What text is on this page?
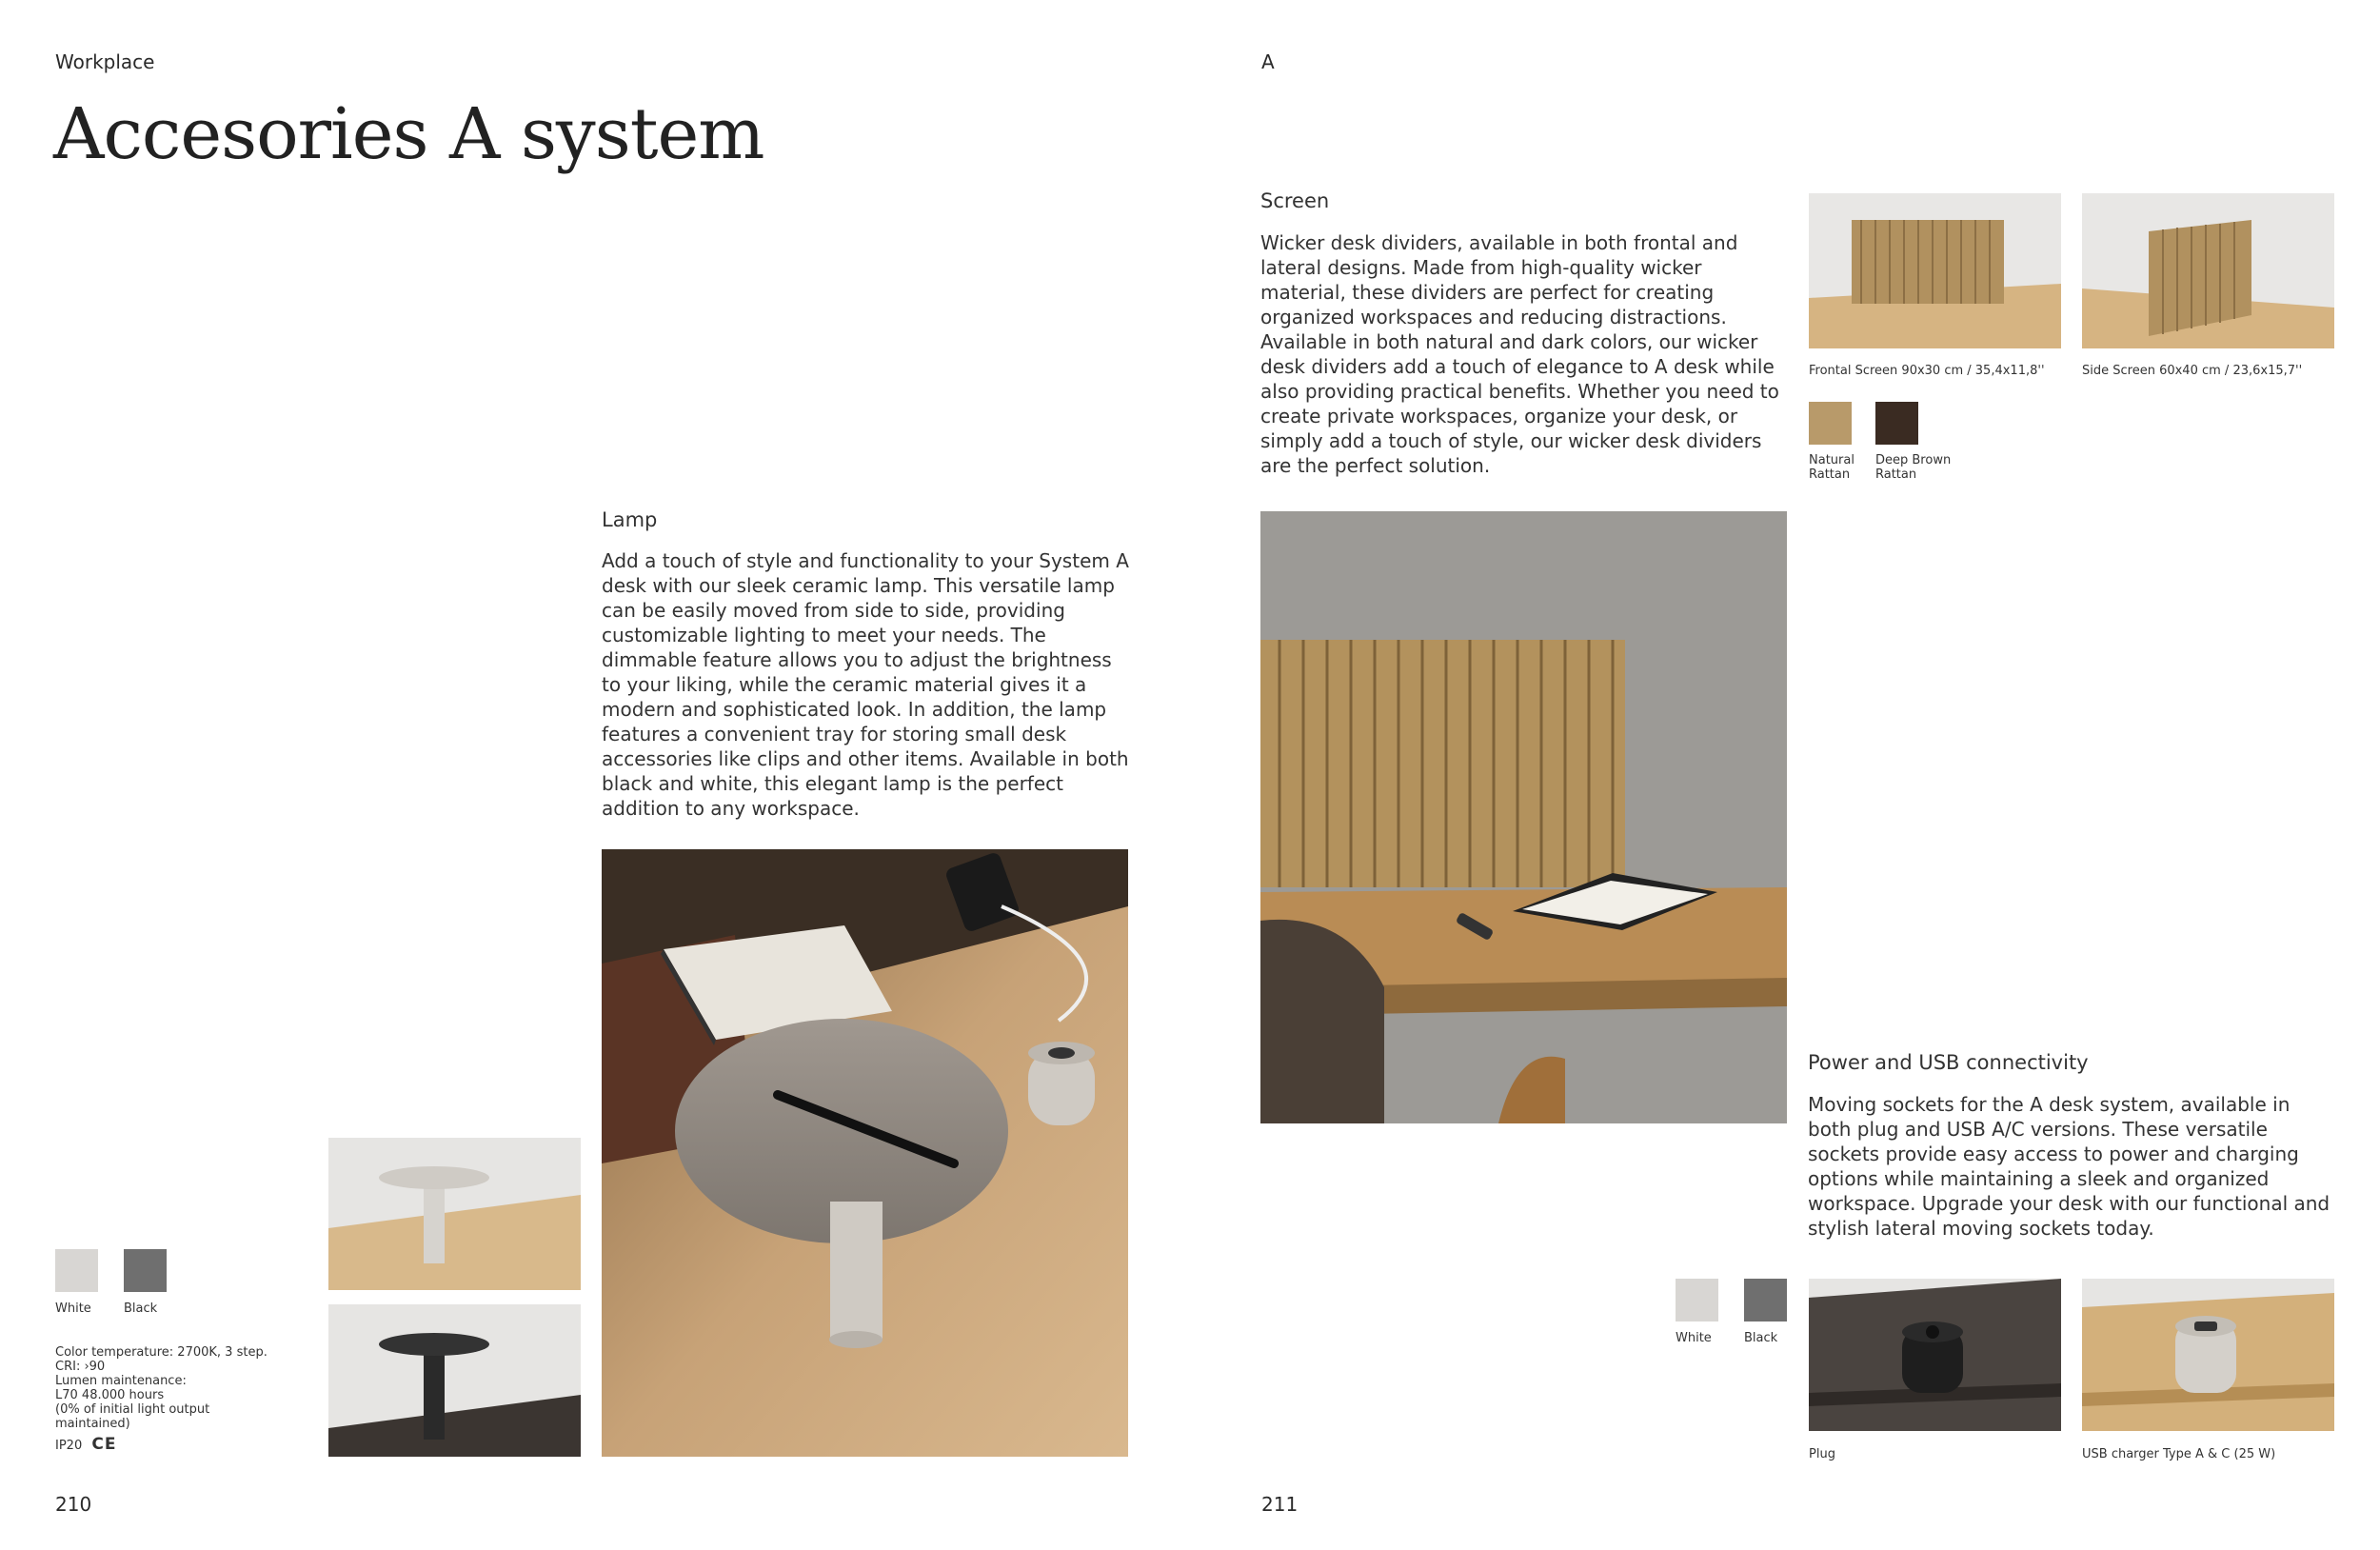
Workplace
Accesories A system
Lamp
Add a touch of style and functionality to your System A desk with our sleek ceramic lamp. This versatile lamp can be easily moved from side to side, providing customizable lighting to meet your needs. The dimmable feature allows you to adjust the brightness to your liking, while the ceramic material gives it a modern and sophisticated look. In addition, the lamp features a convenient tray for storing small desk accessories like clips and other items. Available in both black and white, this elegant lamp is the perfect addition to any workspace.
White	Black
Color temperature: 2700K, 3 step.
CRI: ›90
Lumen maintenance:
L70 48.000 hours
(0% of initial light output
maintained)
IP20 CE
210
A
Screen
Wicker desk dividers, available in both frontal and lateral designs. Made from high-quality wicker material, these dividers are perfect for creating organized workspaces and reducing distractions. Available in both natural and dark colors, our wicker desk dividers add a touch of elegance to A desk while also providing practical benefits. Whether you need to create private workspaces, organize your desk, or simply add a touch of style, our wicker desk dividers are the perfect solution.
Frontal Screen 90x30 cm / 35,4x11,8''	Side Screen 60x40 cm / 23,6x15,7''
Natural
Rattan
Deep Brown
Rattan
Power and USB connectivity
Moving sockets for the A desk system, available in both plug and USB A/C versions. These versatile sockets provide easy access to power and charging options while maintaining a sleek and organized workspace. Upgrade your desk with our functional and stylish lateral moving sockets today.
White	Black
Plug	USB charger Type A & C (25 W)
211
